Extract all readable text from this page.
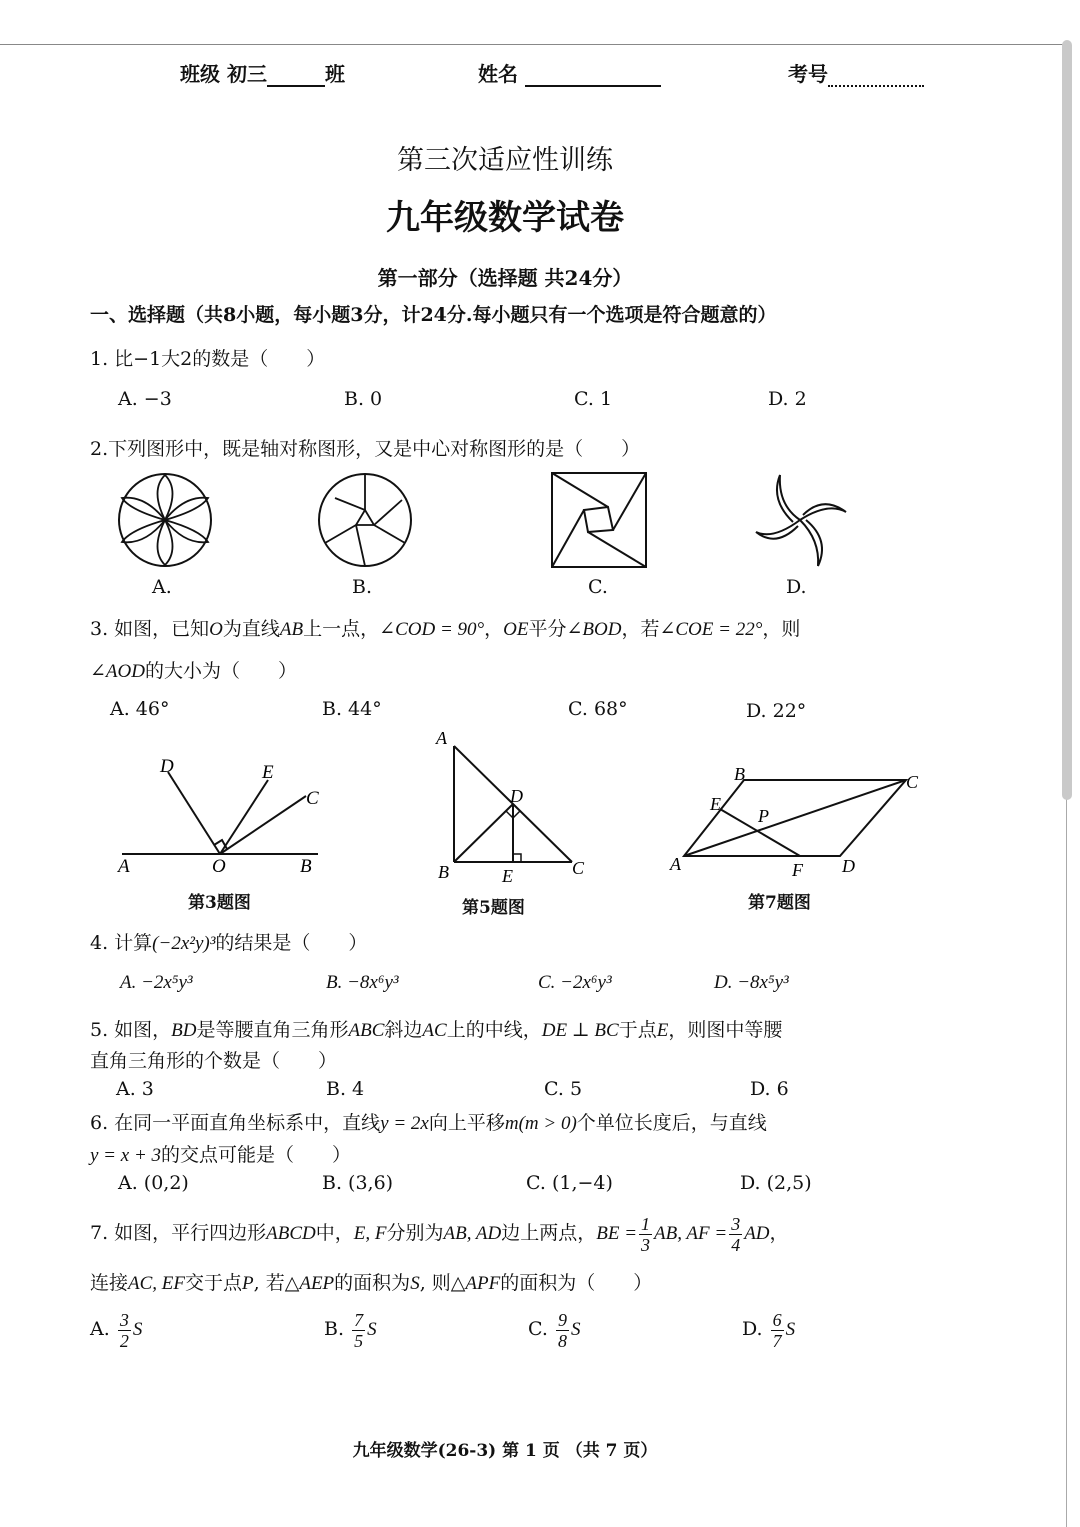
班级 初三	班	姓名	考号
第三次适应性训练
九年级数学试卷
第一部分（选择题 共24分）
一、选择题（共8小题，每小题3分，计24分.每小题只有一个选项是符合题意的）
1. 比−1大2的数是（　　）
A. −3	B. 0	C. 1	D. 2
2.下列图形中，既是轴对称图形，又是中心对称图形的是（　　）
A.	B.	C.	D.
3. 如图，已知O为直线AB上一点，∠COD = 90°，OE平分∠BOD，若∠COE = 22°，则
∠AOD的大小为（　　）
A. 46°	B. 44°	C. 68°	D. 22°
D	E
C
A	O	B
第3题图
A
D
B	E	C
第5题图
B	C
E
P
A	F D
第7题图
4. 计算(−2x²y)³的结果是（　　）
A. −2x⁵y³	B. −8x⁶y³	C. −2x⁶y³	D. −8x⁵y³
5. 如图，BD是等腰直角三角形ABC斜边AC上的中线，DE ⊥ BC于点E，则图中等腰
直角三角形的个数是（　　）
A. 3	B. 4	C. 5	D. 6
6. 在同一平面直角坐标系中，直线y = 2x向上平移m(m > 0)个单位长度后，与直线
y = x + 3的交点可能是（　　）
A. (0,2)	B. (3,6)	C. (1,−4)	D. (2,5)
7. 如图，平行四边形ABCD中，E, F分别为AB, AD边上两点，BE = $\frac{1}{3}$ AB, AF = $\frac{3}{4}$ AD，
连接AC, EF交于点P, 若△AEP的面积为S, 则△APF的面积为（　　）
A. $\frac{3}{2}$ S	B. $\frac{7}{5}$ S	C. $\frac{9}{8}$ S	D. $\frac{6}{7}$ S
九年级数学(26-3) 第 1 页 （共 7 页）
